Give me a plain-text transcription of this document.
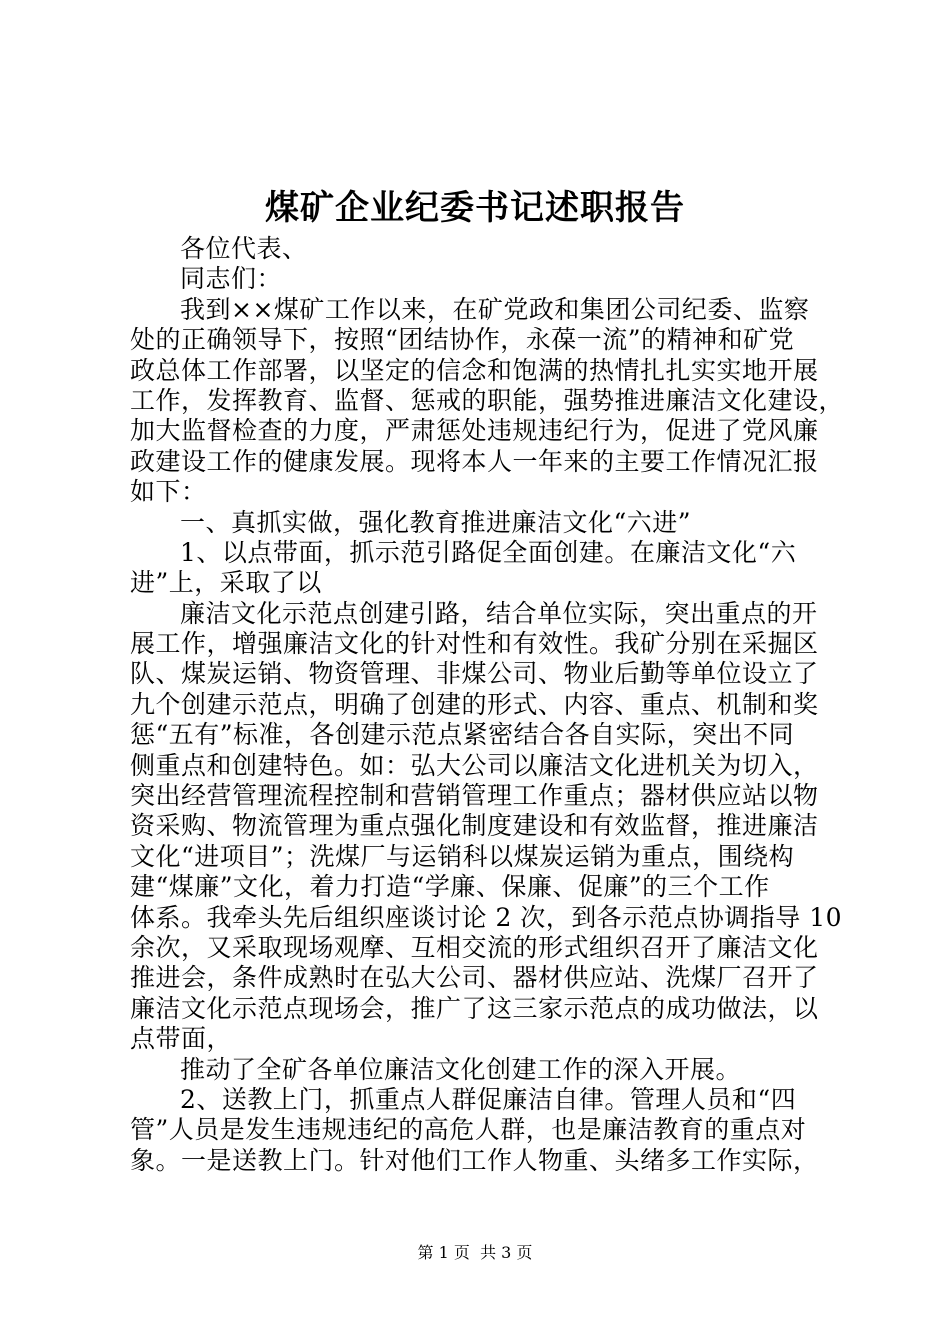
煤矿企业纪委书记述职报告
各位代表、
同志们：
我到××煤矿工作以来，在矿党政和集团公司纪委、监察
处的正确领导下，按照“团结协作，永葆一流”的精神和矿党
政总体工作部署，以坚定的信念和饱满的热情扎扎实实地开展
工作，发挥教育、监督、惩戒的职能，强势推进廉洁文化建设，
加大监督检查的力度，严肃惩处违规违纪行为，促进了党风廉
政建设工作的健康发展。现将本人一年来的主要工作情况汇报
如下：
一、真抓实做，强化教育推进廉洁文化“六进”
1、以点带面，抓示范引路促全面创建。在廉洁文化“六
进”上，采取了以
廉洁文化示范点创建引路，结合单位实际，突出重点的开
展工作，增强廉洁文化的针对性和有效性。我矿分别在采掘区
队、煤炭运销、物资管理、非煤公司、物业后勤等单位设立了
九个创建示范点，明确了创建的形式、内容、重点、机制和奖
惩“五有”标准，各创建示范点紧密结合各自实际，突出不同
侧重点和创建特色。如：弘大公司以廉洁文化进机关为切入，
突出经营管理流程控制和营销管理工作重点；器材供应站以物
资采购、物流管理为重点强化制度建设和有效监督，推进廉洁
文化“进项目”；洗煤厂与运销科以煤炭运销为重点，围绕构
建“煤廉”文化，着力打造“学廉、保廉、促廉”的三个工作
体系。我牵头先后组织座谈讨论 2 次，到各示范点协调指导 10
余次，又采取现场观摩、互相交流的形式组织召开了廉洁文化
推进会，条件成熟时在弘大公司、器材供应站、洗煤厂召开了
廉洁文化示范点现场会，推广了这三家示范点的成功做法，以
点带面，
推动了全矿各单位廉洁文化创建工作的深入开展。
2、送教上门，抓重点人群促廉洁自律。管理人员和“四
管”人员是发生违规违纪的高危人群，也是廉洁教育的重点对
象。一是送教上门。针对他们工作人物重、头绪多工作实际，
第 1 页  共 3 页
